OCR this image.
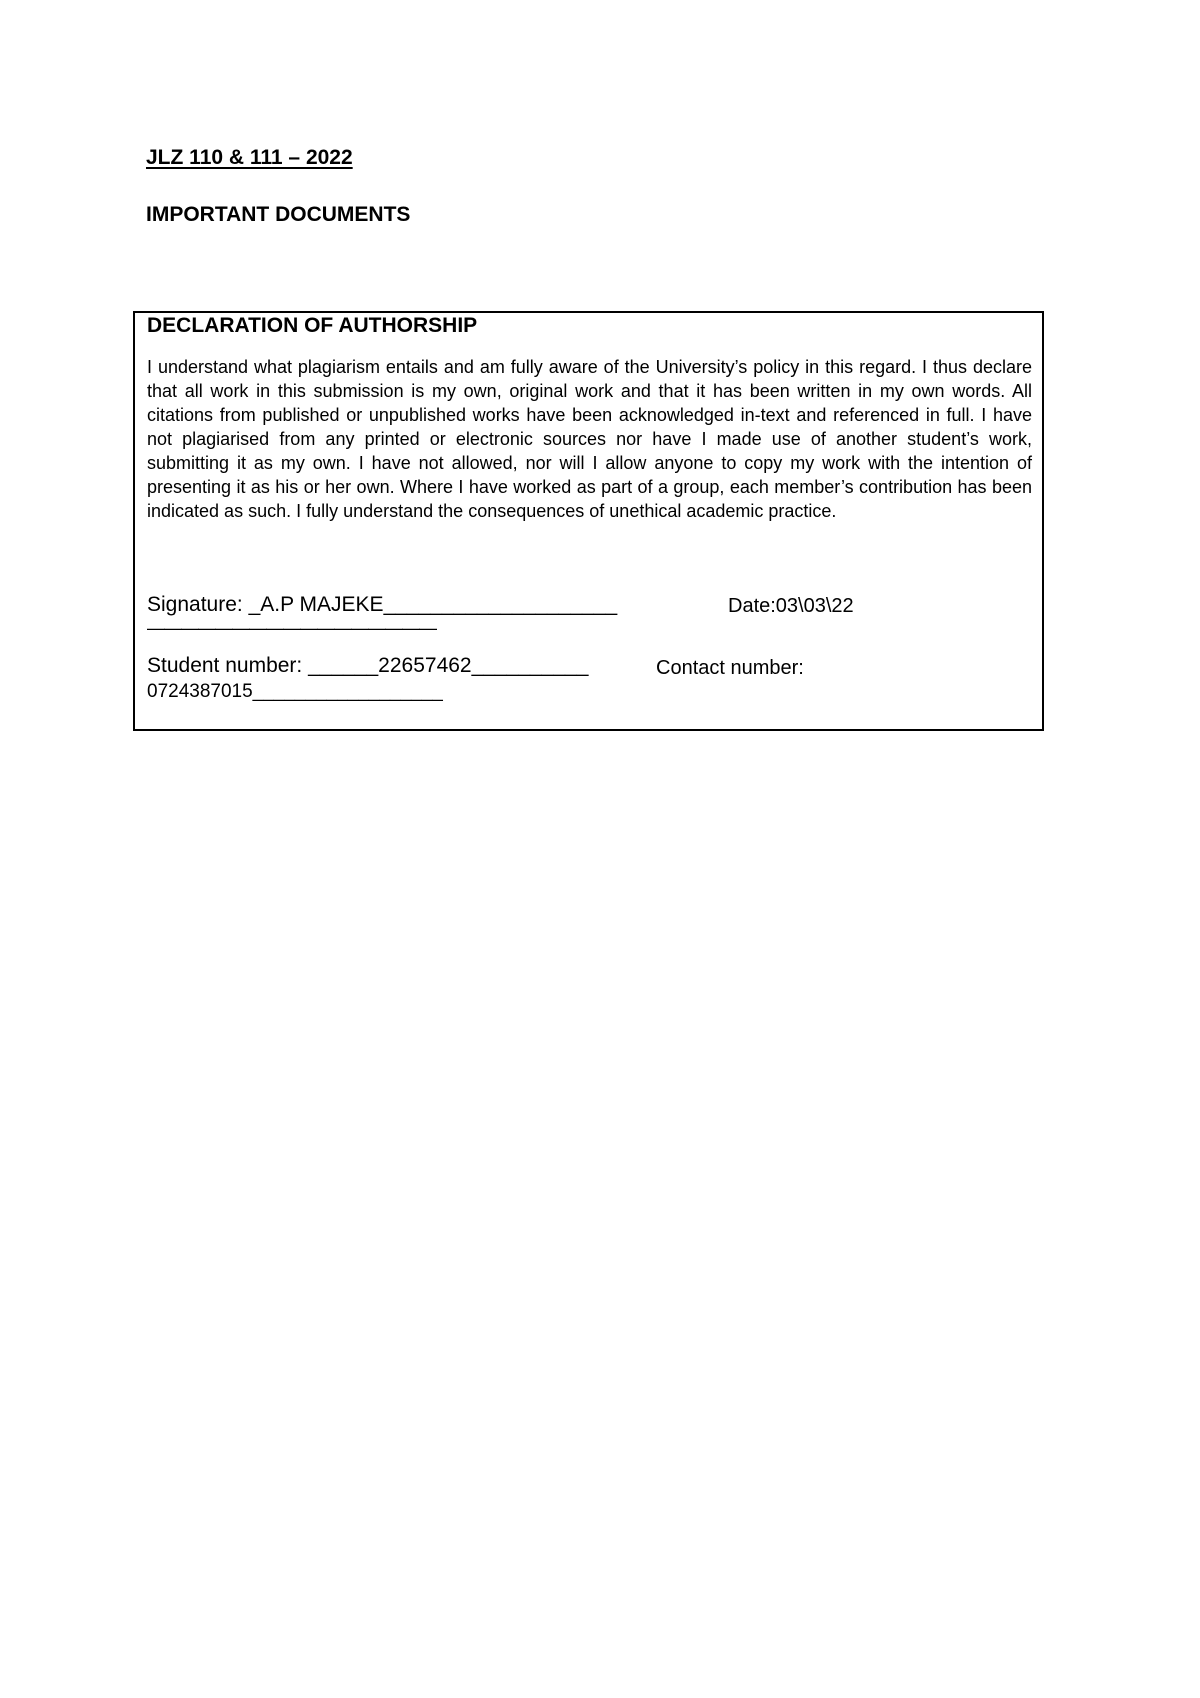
JLZ 110 & 111 – 2022
IMPORTANT DOCUMENTS
DECLARATION OF AUTHORSHIP

I understand what plagiarism entails and am fully aware of the University’s policy in this regard. I thus declare that all work in this submission is my own, original work and that it has been written in my own words. All citations from published or unpublished works have been acknowledged in-text and referenced in full. I have not plagiarised from any printed or electronic sources nor have I made use of another student’s work, submitting it as my own. I have not allowed, nor will I allow anyone to copy my work with the intention of presenting it as his or her own. Where I have worked as part of a group, each member’s contribution has been indicated as such. I fully understand the consequences of unethical academic practice.

Signature: _A.P MAJEKE____________________	Date:03\03\22
—————————————————
Student number: ______22657462__________	Contact number:
0724387015__________________
